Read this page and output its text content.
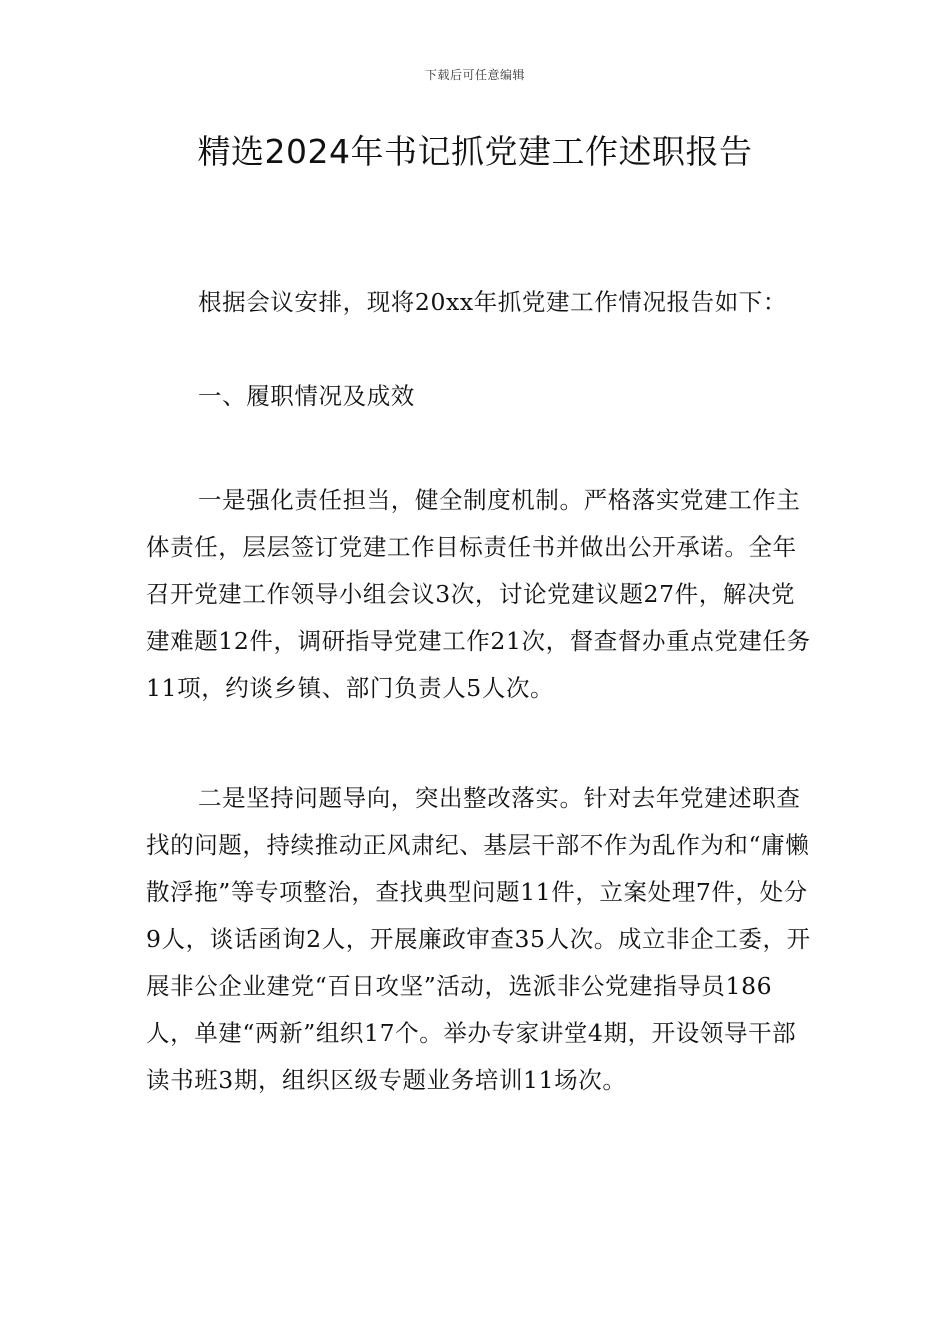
下载后可任意编辑
精选2024年书记抓党建工作述职报告

根据会议安排，现将20xx年抓党建工作情况报告如下：

一、履职情况及成效

一是强化责任担当，健全制度机制。严格落实党建工作主体责任，层层签订党建工作目标责任书并做出公开承诺。全年召开党建工作领导小组会议3次，讨论党建议题27件，解决党建难题12件，调研指导党建工作21次，督查督办重点党建任务11项，约谈乡镇、部门负责人5人次。

二是坚持问题导向，突出整改落实。针对去年党建述职查找的问题，持续推动正风肃纪、基层干部不作为乱作为和“庸懒散浮拖”等专项整治，查找典型问题11件，立案处理7件，处分9人，谈话函询2人，开展廉政审查35人次。成立非企工委，开展非公企业建党“百日攻坚”活动，选派非公党建指导员186人，单建“两新”组织17个。举办专家讲堂4期，开设领导干部读书班3期，组织区级专题业务培训11场次。
